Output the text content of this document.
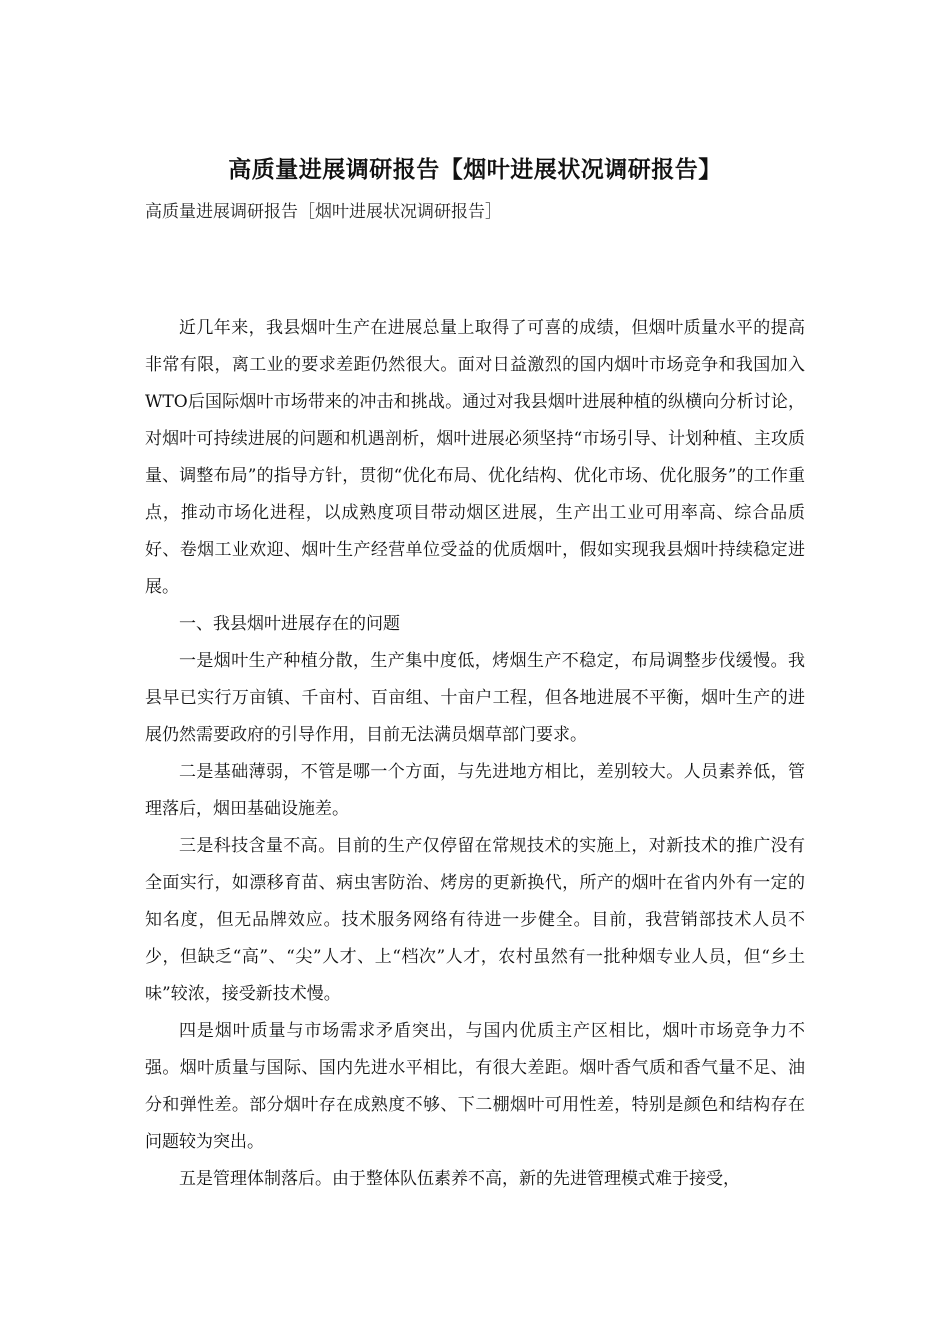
高质量进展调研报告【烟叶进展状况调研报告】
高质量进展调研报告［烟叶进展状况调研报告］

近几年来，我县烟叶生产在进展总量上取得了可喜的成绩，但烟叶质量水平的提高非常有限，离工业的要求差距仍然很大。面对日益激烈的国内烟叶市场竞争和我国加入WTO后国际烟叶市场带来的冲击和挑战。通过对我县烟叶进展种植的纵横向分析讨论，对烟叶可持续进展的问题和机遇剖析，烟叶进展必须坚持“市场引导、计划种植、主攻质量、调整布局”的指导方针，贯彻“优化布局、优化结构、优化市场、优化服务”的工作重点，推动市场化进程，以成熟度项目带动烟区进展，生产出工业可用率高、综合品质好、卷烟工业欢迎、烟叶生产经营单位受益的优质烟叶，假如实现我县烟叶持续稳定进展。

一、我县烟叶进展存在的问题

一是烟叶生产种植分散，生产集中度低，烤烟生产不稳定，布局调整步伐缓慢。我县早已实行万亩镇、千亩村、百亩组、十亩户工程，但各地进展不平衡，烟叶生产的进展仍然需要政府的引导作用，目前无法满员烟草部门要求。

二是基础薄弱，不管是哪一个方面，与先进地方相比，差别较大。人员素养低，管理落后，烟田基础设施差。

三是科技含量不高。目前的生产仅停留在常规技术的实施上，对新技术的推广没有全面实行，如漂移育苗、病虫害防治、烤房的更新换代，所产的烟叶在省内外有一定的知名度，但无品牌效应。技术服务网络有待进一步健全。目前，我营销部技术人员不少，但缺乏“高”、“尖”人才、上“档次”人才，农村虽然有一批种烟专业人员，但“乡土味”较浓，接受新技术慢。

四是烟叶质量与市场需求矛盾突出，与国内优质主产区相比，烟叶市场竞争力不强。烟叶质量与国际、国内先进水平相比，有很大差距。烟叶香气质和香气量不足、油分和弹性差。部分烟叶存在成熟度不够、下二棚烟叶可用性差，特别是颜色和结构存在问题较为突出。

五是管理体制落后。由于整体队伍素养不高，新的先进管理模式难于接受，
